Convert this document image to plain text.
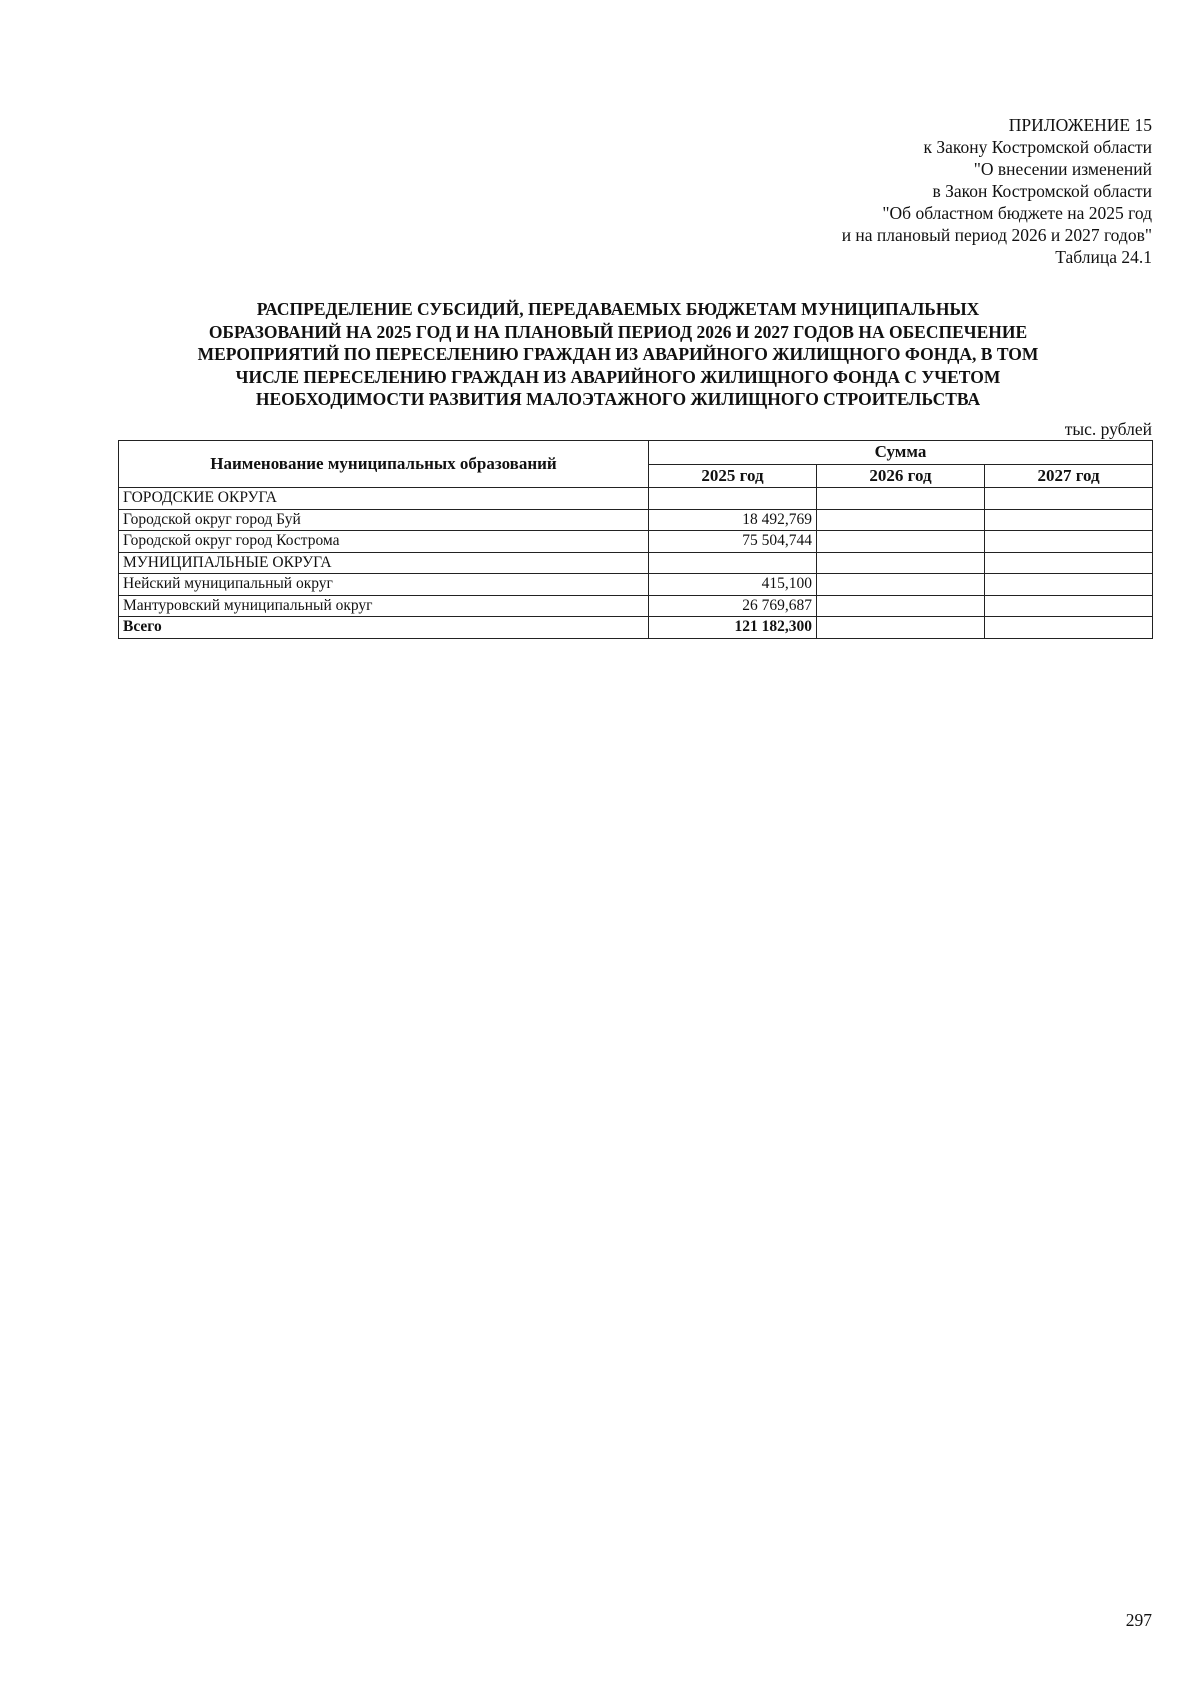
ПРИЛОЖЕНИЕ 15
к Закону Костромской области
"О внесении изменений
в Закон Костромской области
"Об областном бюджете на 2025 год
и на плановый период 2026 и 2027 годов"
Таблица 24.1
РАСПРЕДЕЛЕНИЕ СУБСИДИЙ, ПЕРЕДАВАЕМЫХ БЮДЖЕТАМ МУНИЦИПАЛЬНЫХ
ОБРАЗОВАНИЙ НА 2025 ГОД И НА ПЛАНОВЫЙ ПЕРИОД 2026 И 2027 ГОДОВ НА ОБЕСПЕЧЕНИЕ
МЕРОПРИЯТИЙ ПО ПЕРЕСЕЛЕНИЮ ГРАЖДАН ИЗ АВАРИЙНОГО ЖИЛИЩНОГО ФОНДА, В ТОМ
ЧИСЛЕ ПЕРЕСЕЛЕНИЮ ГРАЖДАН ИЗ АВАРИЙНОГО ЖИЛИЩНОГО ФОНДА С УЧЕТОМ
НЕОБХОДИМОСТИ РАЗВИТИЯ МАЛОЭТАЖНОГО ЖИЛИЩНОГО СТРОИТЕЛЬСТВА
тыс. рублей
Наименование муниципальных образований	Сумма		
	2025 год	2026 год	2027 год
ГОРОДСКИЕ ОКРУГА			
Городской округ город Буй	18 492,769		
Городской округ город Кострома	75 504,744		
МУНИЦИПАЛЬНЫЕ ОКРУГА			
Нейский муниципальный округ	415,100		
Мантуровский муниципальный округ	26 769,687		
Всего	121 182,300		
297
